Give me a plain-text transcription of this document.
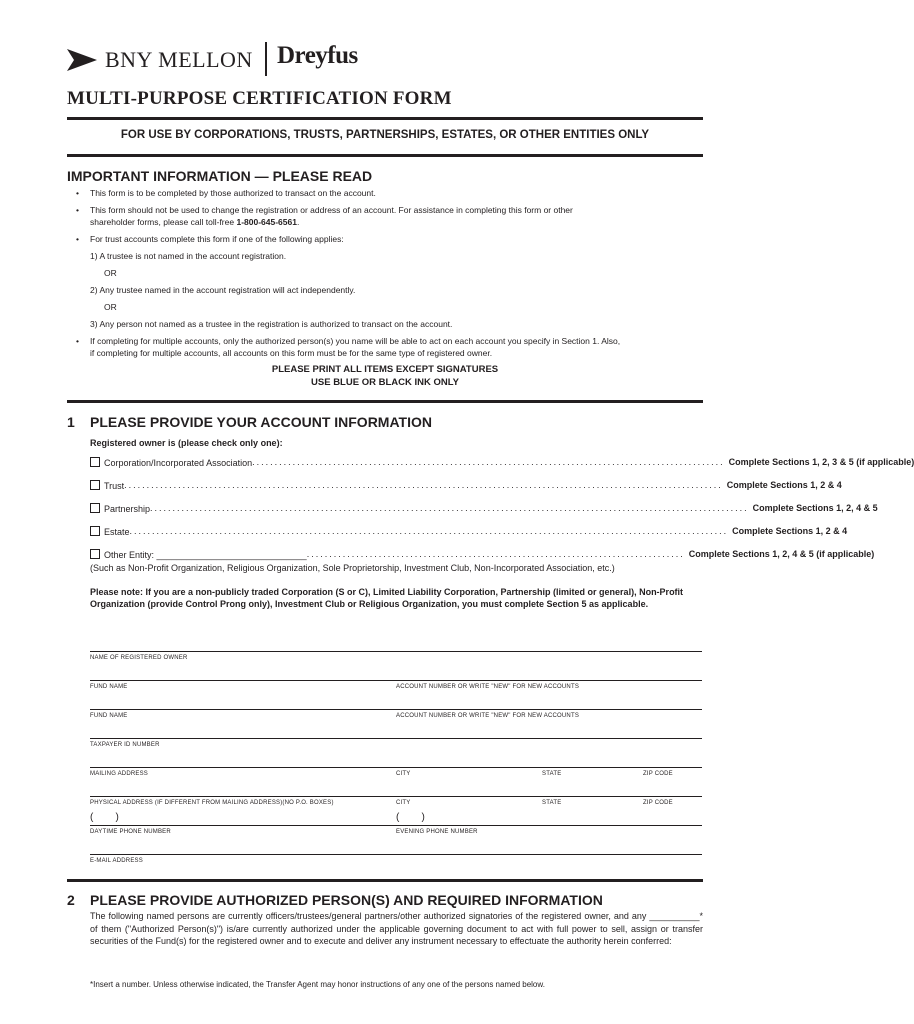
BNY MELLON Dreyfus
MULTI-PURPOSE CERTIFICATION FORM
FOR USE BY CORPORATIONS, TRUSTS, PARTNERSHIPS, ESTATES, OR OTHER ENTITIES ONLY
IMPORTANT INFORMATION — PLEASE READ
• This form is to be completed by those authorized to transact on the account.
• This form should not be used to change the registration or address of an account. For assistance in completing this form or other
shareholder forms, please call toll-free 1-800-645-6561.
• For trust accounts complete this form if one of the following applies:
1) A trustee is not named in the account registration.
OR
2) Any trustee named in the account registration will act independently.
OR
3) Any person not named as a trustee in the registration is authorized to transact on the account.
• If completing for multiple accounts, only the authorized person(s) you name will be able to act on each account you specify in Section 1. Also,
if completing for multiple accounts, all accounts on this form must be for the same type of registered owner.
PLEASE PRINT ALL ITEMS EXCEPT SIGNATURES
USE BLUE OR BLACK INK ONLY
1 PLEASE PROVIDE YOUR ACCOUNT INFORMATION
Registered owner is (please check only one):
Corporation/Incorporated Association ......................................................................................................... Complete Sections 1, 2, 3 & 5 (if applicable)
Trust ..................................................................................................................................... Complete Sections 1, 2 & 4
Partnership ..................................................................................................................................... Complete Sections 1, 2, 4 & 5
Estate ..................................................................................................................................... Complete Sections 1, 2 & 4
Other Entity: ______________________________ .................................................................................... Complete Sections 1, 2, 4 & 5 (if applicable)
(Such as Non-Profit Organization, Religious Organization, Sole Proprietorship, Investment Club, Non-Incorporated Association, etc.)
Please note: If you are a non-publicly traded Corporation (S or C), Limited Liability Corporation, Partnership (limited or general), Non-Profit Organization (provide Control Prong only), Investment Club or Religious Organization, you must complete Section 5 as applicable.
NAME OF REGISTERED OWNER
FUND NAME	ACCOUNT NUMBER OR WRITE "NEW" FOR NEW ACCOUNTS
FUND NAME	ACCOUNT NUMBER OR WRITE "NEW" FOR NEW ACCOUNTS
TAXPAYER ID NUMBER
MAILING ADDRESS	CITY	STATE	ZIP CODE
PHYSICAL ADDRESS (IF DIFFERENT FROM MAILING ADDRESS)(NO P.O. BOXES)	CITY	STATE	ZIP CODE
(        )	(        )
DAYTIME PHONE NUMBER	EVENING PHONE NUMBER
E-MAIL ADDRESS
2 PLEASE PROVIDE AUTHORIZED PERSON(S) AND REQUIRED INFORMATION
The following named persons are currently officers/trustees/general partners/other authorized signatories of the registered owner, and any __________* of them ("Authorized Person(s)") is/are currently authorized under the applicable governing document to act with full power to sell, assign or transfer securities of the Fund(s) for the registered owner and to execute and deliver any instrument necessary to effectuate the authority herein conferred:
*Insert a number. Unless otherwise indicated, the Transfer Agent may honor instructions of any one of the persons named below.
